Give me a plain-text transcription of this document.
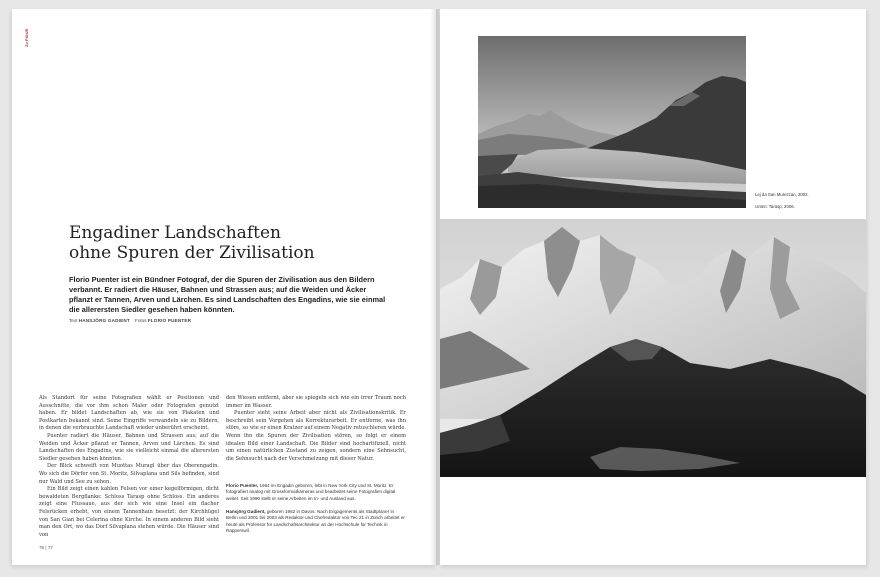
Zu FIGUR
Engadiner Landschaften
ohne Spuren der Zivilisation

Florio Puenter ist ein Bündner Fotograf, der die Spuren der Zivilisation aus den Bildern verbannt. Er radiert die Häuser, Bahnen und Strassen aus; auf die Weiden und Äcker pflanzt er Tannen, Arven und Lärchen. Es sind Landschaften des Engadins, wie sie einmal die allerersten Siedler gesehen haben könnten.

Text HANSJÖRG GADIENT Fotos FLORIO PUENTER

Als Standort für seine Fotografien wählt er Positionen und Ausschnitte, die vor ihm schon Maler oder Fotografen genutzt haben. Er bildet Landschaften ab, wie sie von Plakaten und Postkarten bekannt sind. Seine Eingriffe verwandeln sie zu Bildern, in denen die verbrauchte Landschaft wieder unberührt erscheint.

Puenter radiert die Häuser, Bahnen und Strassen aus; auf die Weiden und Äcker pflanzt er Tannen, Arven und Lärchen. Es sind Landschaften des Engadins, wie sie vielleicht einmal die allerersten Siedler gesehen haben könnten.

Der Blick schweift von Muottas Muragl über das Oberengadin. Wo sich die Dörfer von St. Moritz, Silvaplana und Sils befinden, sind nur Wald und See zu sehen.

Ein Bild zeigt einen kahlen Felsen vor einer kegelförmigen, dicht bewaldeten Bergflanke: Schloss Tarasp ohne Schloss. Ein anderes zeigt eine Flussaue, aus der sich wie eine Insel ein flacher Felsrücken erhebt, von einem Tannenhain besetzt: der Kirchhügel von San Gian bei Celerina ohne Kirche. In einem anderen Bild sieht man den Ort, wo das Dorf Silvaplana stehen würde. Die Häuser sind von

den Wiesen entfernt, aber sie spiegeln sich wie ein irrer Traum noch immer im Wasser.

Puenter sieht seine Arbeit aber nicht als Zivilisationskritik. Er beschreibt sein Vorgehen als Korrekturarbeit. Er entferne, was ihn störe, so wie er einen Kratzer auf einem Negativ retuschieren würde. Wenn ihn die Spuren der Zivilisation stören, so folgt er einem idealen Bild einer Landschaft. Die Bilder sind hochartifiziell, nicht um einen natürlichen Zustand zu zeigen, sondern eine Sehnsucht, die Sehnsucht nach der Verschmelzung mit dieser Natur.

Florio Puenter, 1964 im Engadin geboren, lebt in New York City und St. Moritz. Er fotografiert analog mit Grossformatkameras und bearbeitet seine Fotografien digital weiter. Seit 1990 stellt er seine Arbeiten im In- und Ausland aus.

Hansjörg Gadient, geboren 1962 in Davos. Nach Engagements als Stadtplaner in Berlin und 2001 bis 2003 als Redaktor und Chefredaktor von Tec 21 in Zürich arbeitet er heute als Professor für Landschaftsarchitektur an der Hochschule für Technik in Rapperswil.

76 | 77
Lej da San Murezzan, 2002.
Unten: Tarasp, 2006.
